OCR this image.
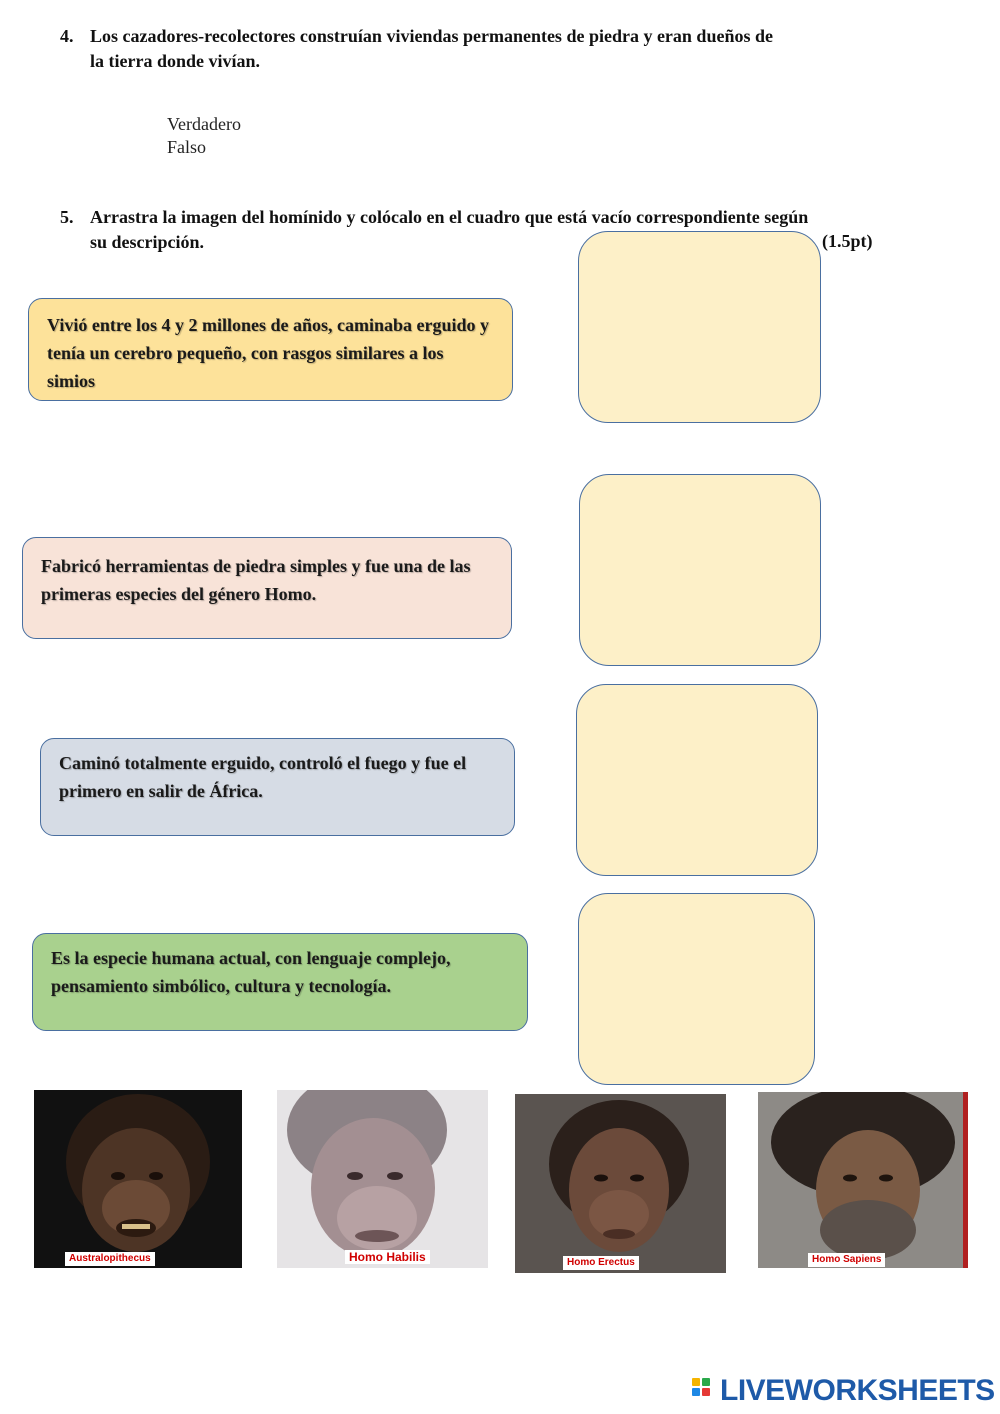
4. Los cazadores-recolectores construían viviendas permanentes de piedra y eran dueños de
la tierra donde vivían.
Verdadero
Falso
5. Arrastra la imagen del homínido y colócalo en el cuadro que está vacío correspondiente según
su descripción.	(1.5pt)
Vivió entre los 4 y 2 millones de años, caminaba erguido y tenía un cerebro pequeño, con rasgos similares a los simios
Fabricó herramientas de piedra simples y fue una de las primeras especies del género Homo.
Caminó totalmente erguido, controló el fuego y fue el primero en salir de África.
Es la especie humana actual, con lenguaje complejo, pensamiento simbólico, cultura y tecnología.
Australopithecus	Homo Habilis	Homo Erectus	Homo Sapiens
LIVEWORKSHEETS
